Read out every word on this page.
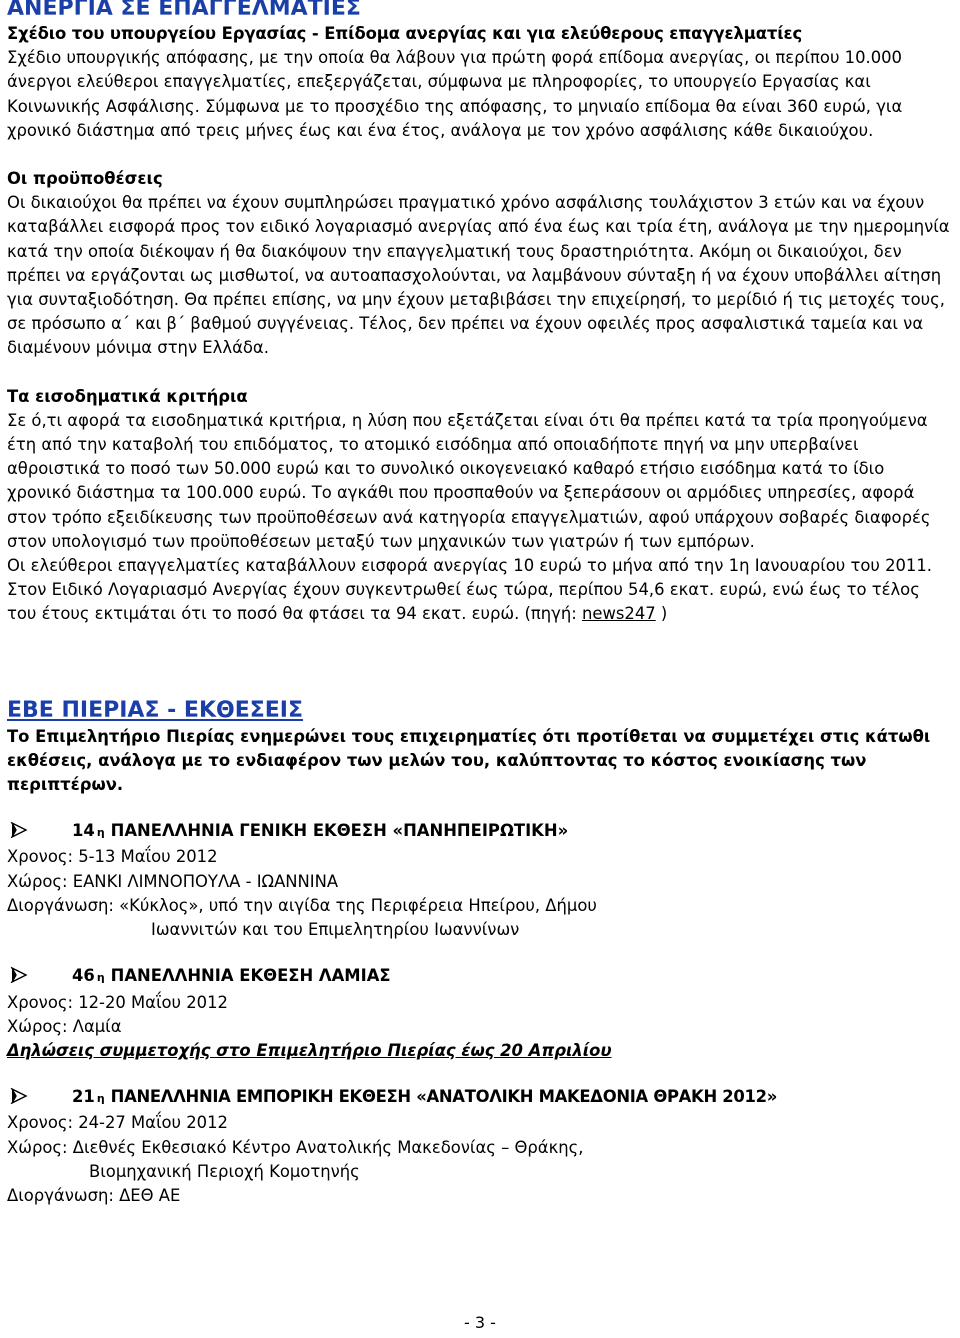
ΑΝΕΡΓΙΑ ΣΕ ΕΠΑΓΓΕΛΜΑΤΙΕΣ

Σχέδιο του υπουργείου Εργασίας - Επίδομα ανεργίας και για ελεύθερους επαγγελματίες

Σχέδιο υπουργικής απόφασης, με την οποία θα λάβουν για πρώτη φορά επίδομα ανεργίας, οι περίπου 10.000 άνεργοι ελεύθεροι επαγγελματίες, επεξεργάζεται, σύμφωνα με πληροφορίες, το υπουργείο Εργασίας και Κοινωνικής Ασφάλισης. Σύμφωνα με το προσχέδιο της απόφασης, το μηνιαίο επίδομα θα είναι 360 ευρώ, για χρονικό διάστημα από τρεις μήνες έως και ένα έτος, ανάλογα με τον χρόνο ασφάλισης κάθε δικαιούχου.

Οι προϋποθέσεις

Οι δικαιούχοι θα πρέπει να έχουν συμπληρώσει πραγματικό χρόνο ασφάλισης τουλάχιστον 3 ετών και να έχουν καταβάλλει εισφορά προς τον ειδικό λογαριασμό ανεργίας από ένα έως και τρία έτη, ανάλογα με την ημερομηνία κατά την οποία διέκοψαν ή θα διακόψουν την επαγγελματική τους δραστηριότητα. Ακόμη οι δικαιούχοι, δεν πρέπει να εργάζονται ως μισθωτοί, να αυτοαπασχολούνται, να λαμβάνουν σύνταξη ή να έχουν υποβάλλει αίτηση για συνταξιοδότηση. Θα πρέπει επίσης, να μην έχουν μεταβιβάσει την επιχείρησή, το μερίδιό ή τις μετοχές τους, σε πρόσωπο α΄ και β΄ βαθμού συγγένειας. Τέλος, δεν πρέπει να έχουν οφειλές προς ασφαλιστικά ταμεία και να διαμένουν μόνιμα στην Ελλάδα.

Τα εισοδηματικά κριτήρια

Σε ό,τι αφορά τα εισοδηματικά κριτήρια, η λύση που εξετάζεται είναι ότι θα πρέπει κατά τα τρία προηγούμενα έτη από την καταβολή του επιδόματος, το ατομικό εισόδημα από οποιαδήποτε πηγή να μην υπερβαίνει αθροιστικά το ποσό των 50.000 ευρώ και το συνολικό οικογενειακό καθαρό ετήσιο εισόδημα κατά το ίδιο χρονικό διάστημα τα 100.000 ευρώ. Το αγκάθι που προσπαθούν να ξεπεράσουν οι αρμόδιες υπηρεσίες, αφορά στον τρόπο εξειδίκευσης των προϋποθέσεων ανά κατηγορία επαγγελματιών, αφού υπάρχουν σοβαρές διαφορές στον υπολογισμό των προϋποθέσεων μεταξύ των μηχανικών των γιατρών ή των εμπόρων.

Οι ελεύθεροι επαγγελματίες καταβάλλουν εισφορά ανεργίας 10 ευρώ το μήνα από την 1η Ιανουαρίου του 2011. Στον Ειδικό Λογαριασμό Ανεργίας έχουν συγκεντρωθεί έως τώρα, περίπου 54,6 εκατ. ευρώ, ενώ έως το τέλος του έτους εκτιμάται ότι το ποσό θα φτάσει τα 94 εκατ. ευρώ. (πηγή: news247 )

ΕΒΕ ΠΙΕΡΙΑΣ - ΕΚΘΕΣΕΙΣ

Το Επιμελητήριο Πιερίας ενημερώνει τους επιχειρηματίες ότι προτίθεται να συμμετέχει στις κάτωθι εκθέσεις, ανάλογα με το ενδιαφέρον των μελών του, καλύπτοντας το κόστος ενοικίασης των περιπτέρων.

14 η ΠΑΝΕΛΛΗΝΙΑ ΓΕΝΙΚΗ ΕΚΘΕΣΗ «ΠΑΝΗΠΕΙΡΩΤΙΚΗ»

Χρονος: 5-13 Μαΐου 2012

Χώρος: ΕΑΝΚΙ ΛΙΜΝΟΠΟΥΛΑ - ΙΩΑΝΝΙΝΑ

Διοργάνωση: «Κύκλος», υπό την αιγίδα της Περιφέρεια Ηπείρου, Δήμου

Ιωαννιτών και του Επιμελητηρίου Ιωαννίνων

46 η ΠΑΝΕΛΛΗΝΙΑ ΕΚΘΕΣΗ ΛΑΜΙΑΣ

Χρονος: 12-20 Μαΐου 2012

Χώρος: Λαμία

Δηλώσεις συμμετοχής στο Επιμελητήριο Πιερίας έως 20 Απριλίου

21 η ΠΑΝΕΛΛΗΝΙΑ ΕΜΠΟΡΙΚΗ ΕΚΘΕΣΗ «ΑΝΑΤΟΛΙΚΗ ΜΑΚΕΔΟΝΙΑ ΘΡΑΚΗ 2012»

Χρονος: 24-27 Μαΐου 2012

Χώρος: Διεθνές Εκθεσιακό Κέντρο Ανατολικής Μακεδονίας – Θράκης,

Βιομηχανική Περιοχή Κομοτηνής

Διοργάνωση: ΔΕΘ ΑΕ

- 3 -
